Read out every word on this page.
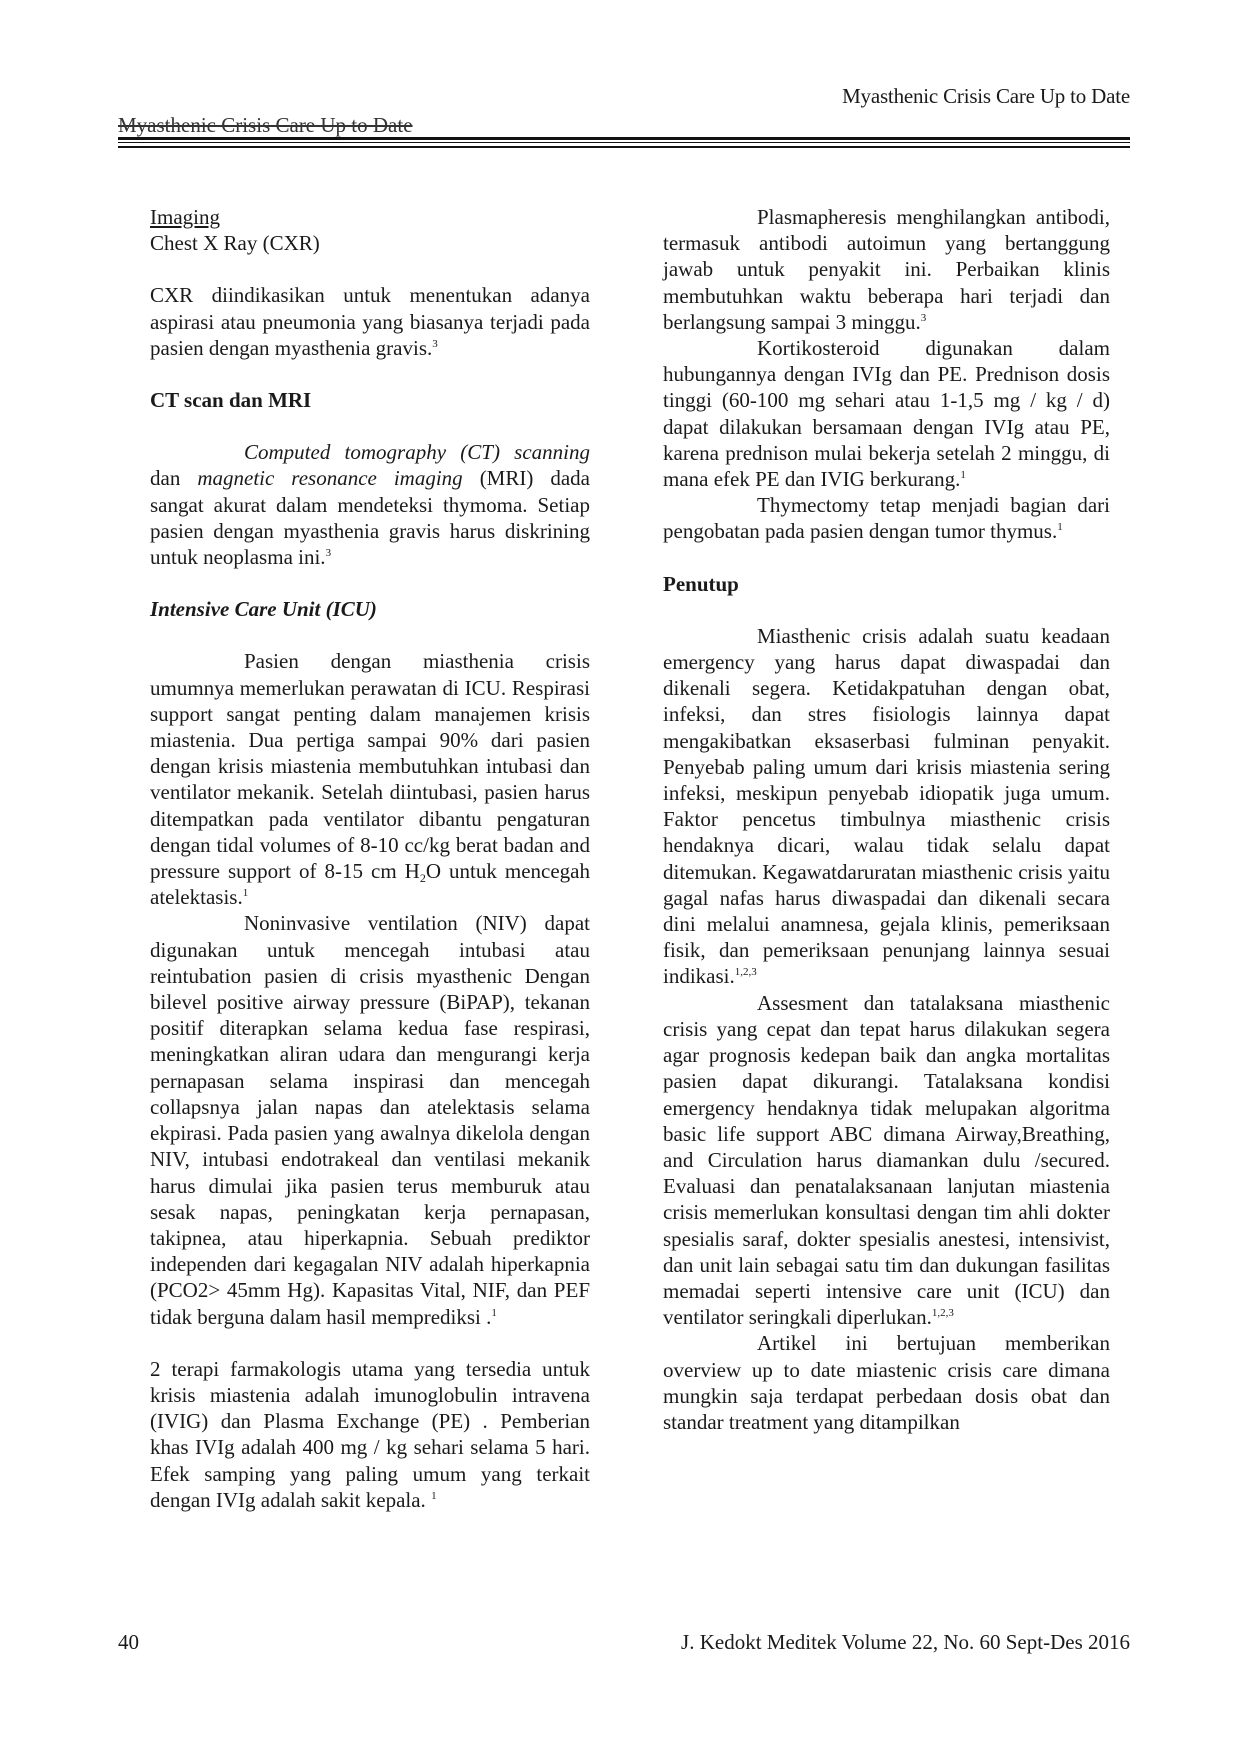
Myasthenic Crisis Care Up to Date
Myasthenic Crisis Care Up to Date

Imaging

Chest X Ray (CXR)

CXR diindikasikan untuk menentukan adanya aspirasi atau pneumonia yang biasanya terjadi pada pasien dengan myasthenia gravis.$^3$

CT scan dan MRI

Computed tomography (CT) scanning dan magnetic resonance imaging (MRI) dada sangat akurat dalam mendeteksi thymoma. Setiap pasien dengan myasthenia gravis harus diskrining untuk neoplasma ini.$^3$

Intensive Care Unit (ICU)

Pasien dengan miasthenia crisis umumnya memerlukan perawatan di ICU. Respirasi support sangat penting dalam manajemen krisis miastenia. Dua pertiga sampai 90% dari pasien dengan krisis miastenia membutuhkan intubasi dan ventilator mekanik. Setelah diintubasi, pasien harus ditempatkan pada ventilator dibantu pengaturan dengan tidal volumes of 8-10 cc/kg berat badan and pressure support of 8-15 cm $H_2O$ untuk mencegah atelektasis.$^1$

Noninvasive ventilation (NIV) dapat digunakan untuk mencegah intubasi atau reintubation pasien di crisis myasthenic Dengan bilevel positive airway pressure (BiPAP), tekanan positif diterapkan selama kedua fase respirasi, meningkatkan aliran udara dan mengurangi kerja pernapasan selama inspirasi dan mencegah collapsnya jalan napas dan atelektasis selama ekpirasi. Pada pasien yang awalnya dikelola dengan NIV, intubasi endotrakeal dan ventilasi mekanik harus dimulai jika pasien terus memburuk atau sesak napas, peningkatan kerja pernapasan, takipnea, atau hiperkapnia. Sebuah prediktor independen dari kegagalan NIV adalah hiperkapnia (PCO2> 45mm Hg). Kapasitas Vital, NIF, dan PEF tidak berguna dalam hasil memprediksi .$^1$

2 terapi farmakologis utama yang tersedia untuk krisis miastenia adalah imunoglobulin intravena (IVIG) dan Plasma Exchange (PE) . Pemberian khas IVIg adalah 400 mg / kg sehari selama 5 hari. Efek samping yang paling umum yang terkait dengan IVIg adalah sakit kepala. $^1$

Plasmapheresis menghilangkan antibodi, termasuk antibodi autoimun yang bertanggung jawab untuk penyakit ini. Perbaikan klinis membutuhkan waktu beberapa hari terjadi dan berlangsung sampai 3 minggu.$^3$

Kortikosteroid digunakan dalam hubungannya dengan IVIg dan PE. Prednison dosis tinggi (60-100 mg sehari atau 1-1,5 mg / kg / d) dapat dilakukan bersamaan dengan IVIg atau PE, karena prednison mulai bekerja setelah 2 minggu, di mana efek PE dan IVIG berkurang.$^1$

Thymectomy tetap menjadi bagian dari pengobatan pada pasien dengan tumor thymus.$^1$

Penutup

Miasthenic crisis adalah suatu keadaan emergency yang harus dapat diwaspadai dan dikenali segera. Ketidakpatuhan dengan obat, infeksi, dan stres fisiologis lainnya dapat mengakibatkan eksaserbasi fulminan penyakit. Penyebab paling umum dari krisis miastenia sering infeksi, meskipun penyebab idiopatik juga umum. Faktor pencetus timbulnya miasthenic crisis hendaknya dicari, walau tidak selalu dapat ditemukan. Kegawatdaruratan miasthenic crisis yaitu gagal nafas harus diwaspadai dan dikenali secara dini melalui anamnesa, gejala klinis, pemeriksaan fisik, dan pemeriksaan penunjang lainnya sesuai indikasi.$^{1,2,3}$

Assesment dan tatalaksana miasthenic crisis yang cepat dan tepat harus dilakukan segera agar prognosis kedepan baik dan angka mortalitas pasien dapat dikurangi. Tatalaksana kondisi emergency hendaknya tidak melupakan algoritma basic life support ABC dimana Airway,Breathing, and Circulation harus diamankan dulu /secured. Evaluasi dan penatalaksanaan lanjutan miastenia crisis memerlukan konsultasi dengan tim ahli dokter spesialis saraf, dokter spesialis anestesi, intensivist, dan unit lain sebagai satu tim dan dukungan fasilitas memadai seperti intensive care unit (ICU) dan ventilator seringkali diperlukan.$^{1,2,3}$

Artikel ini bertujuan memberikan overview up to date miastenic crisis care dimana mungkin saja terdapat perbedaan dosis obat dan standar treatment yang ditampilkan

40	J. Kedokt Meditek Volume 22, No. 60 Sept-Des 2016
